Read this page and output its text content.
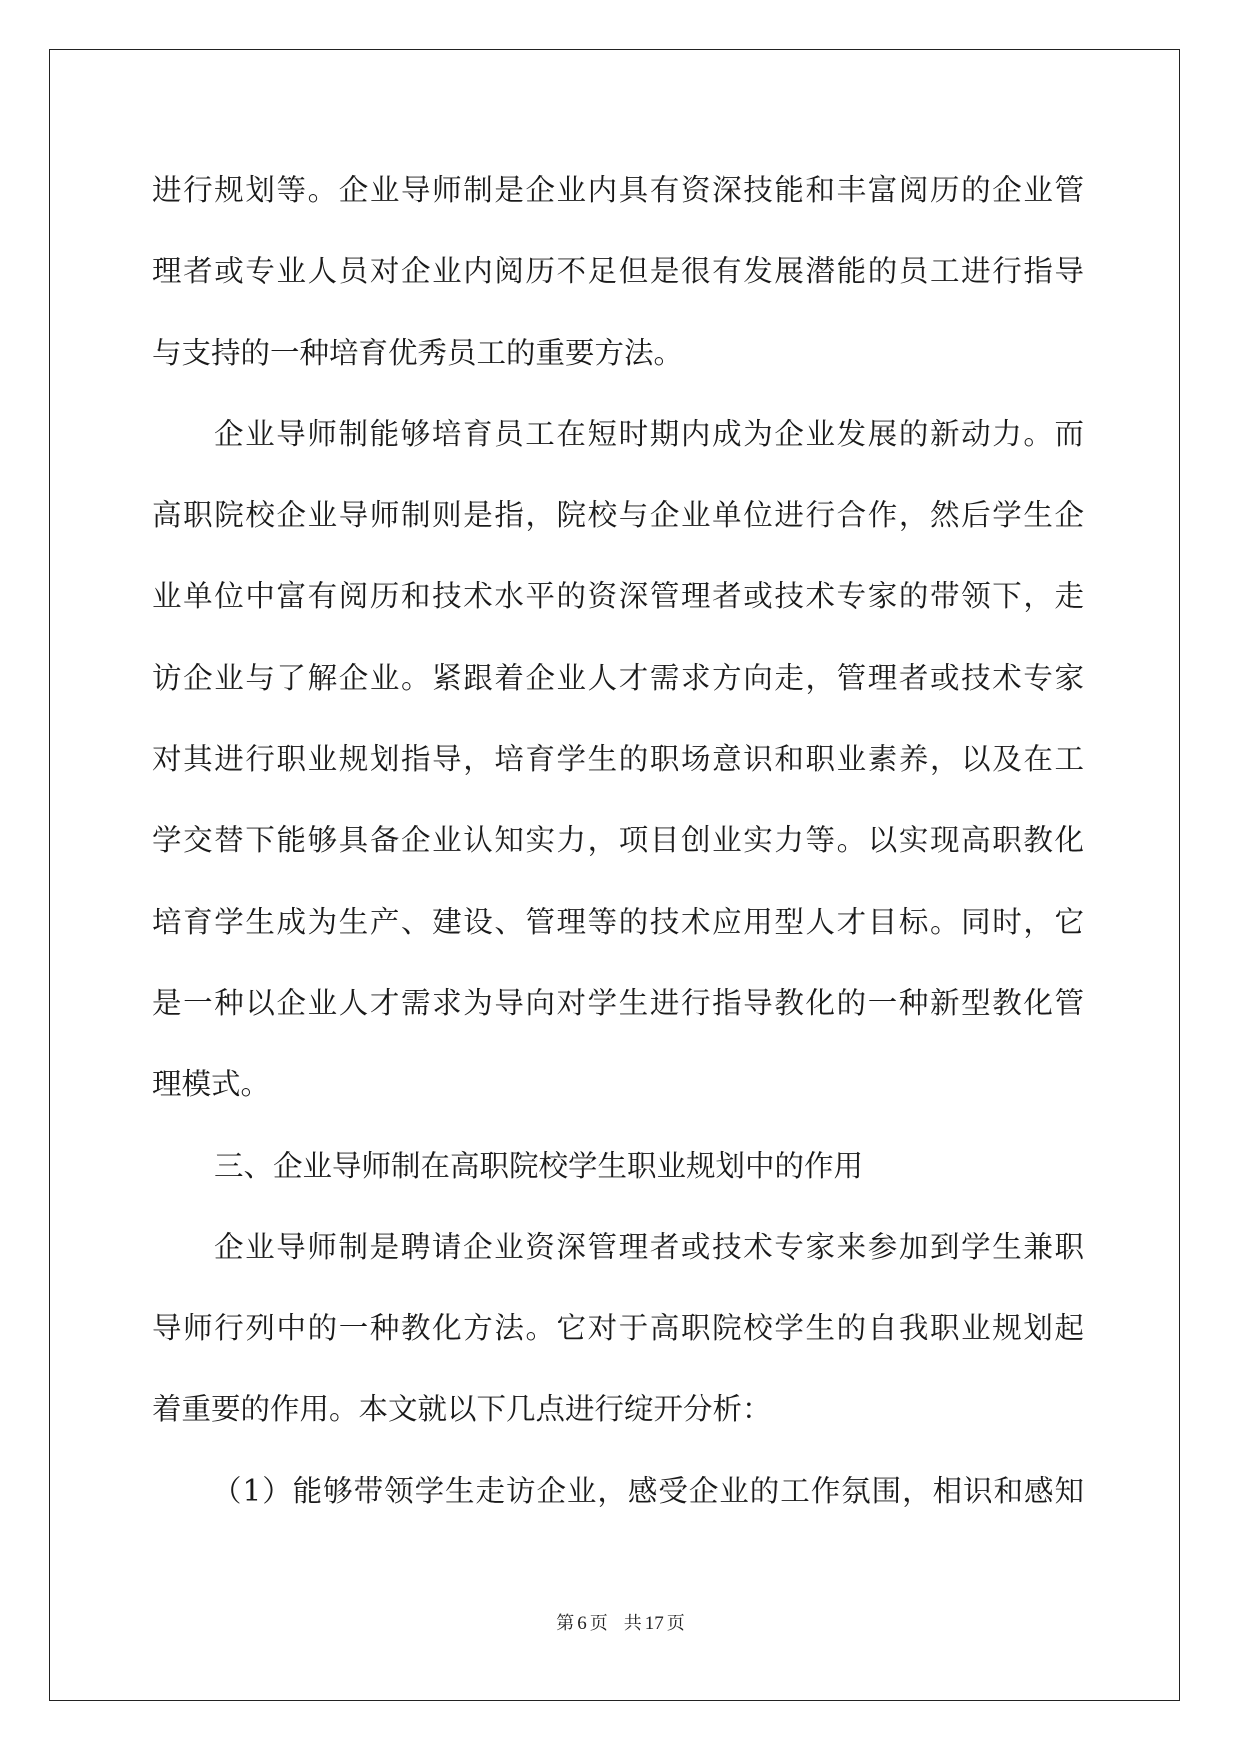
进行规划等。企业导师制是企业内具有资深技能和丰富阅历的企业管
理者或专业人员对企业内阅历不足但是很有发展潜能的员工进行指导
与支持的一种培育优秀员工的重要方法。
企业导师制能够培育员工在短时期内成为企业发展的新动力。而
高职院校企业导师制则是指，院校与企业单位进行合作，然后学生企
业单位中富有阅历和技术水平的资深管理者或技术专家的带领下，走
访企业与了解企业。紧跟着企业人才需求方向走，管理者或技术专家
对其进行职业规划指导，培育学生的职场意识和职业素养，以及在工
学交替下能够具备企业认知实力，项目创业实力等。以实现高职教化
培育学生成为生产、建设、管理等的技术应用型人才目标。同时，它
是一种以企业人才需求为导向对学生进行指导教化的一种新型教化管
理模式。
三、企业导师制在高职院校学生职业规划中的作用
企业导师制是聘请企业资深管理者或技术专家来参加到学生兼职
导师行列中的一种教化方法。它对于高职院校学生的自我职业规划起
着重要的作用。本文就以下几点进行绽开分析：
（1）能够带领学生走访企业，感受企业的工作氛围，相识和感知
第 6 页 共 17 页
